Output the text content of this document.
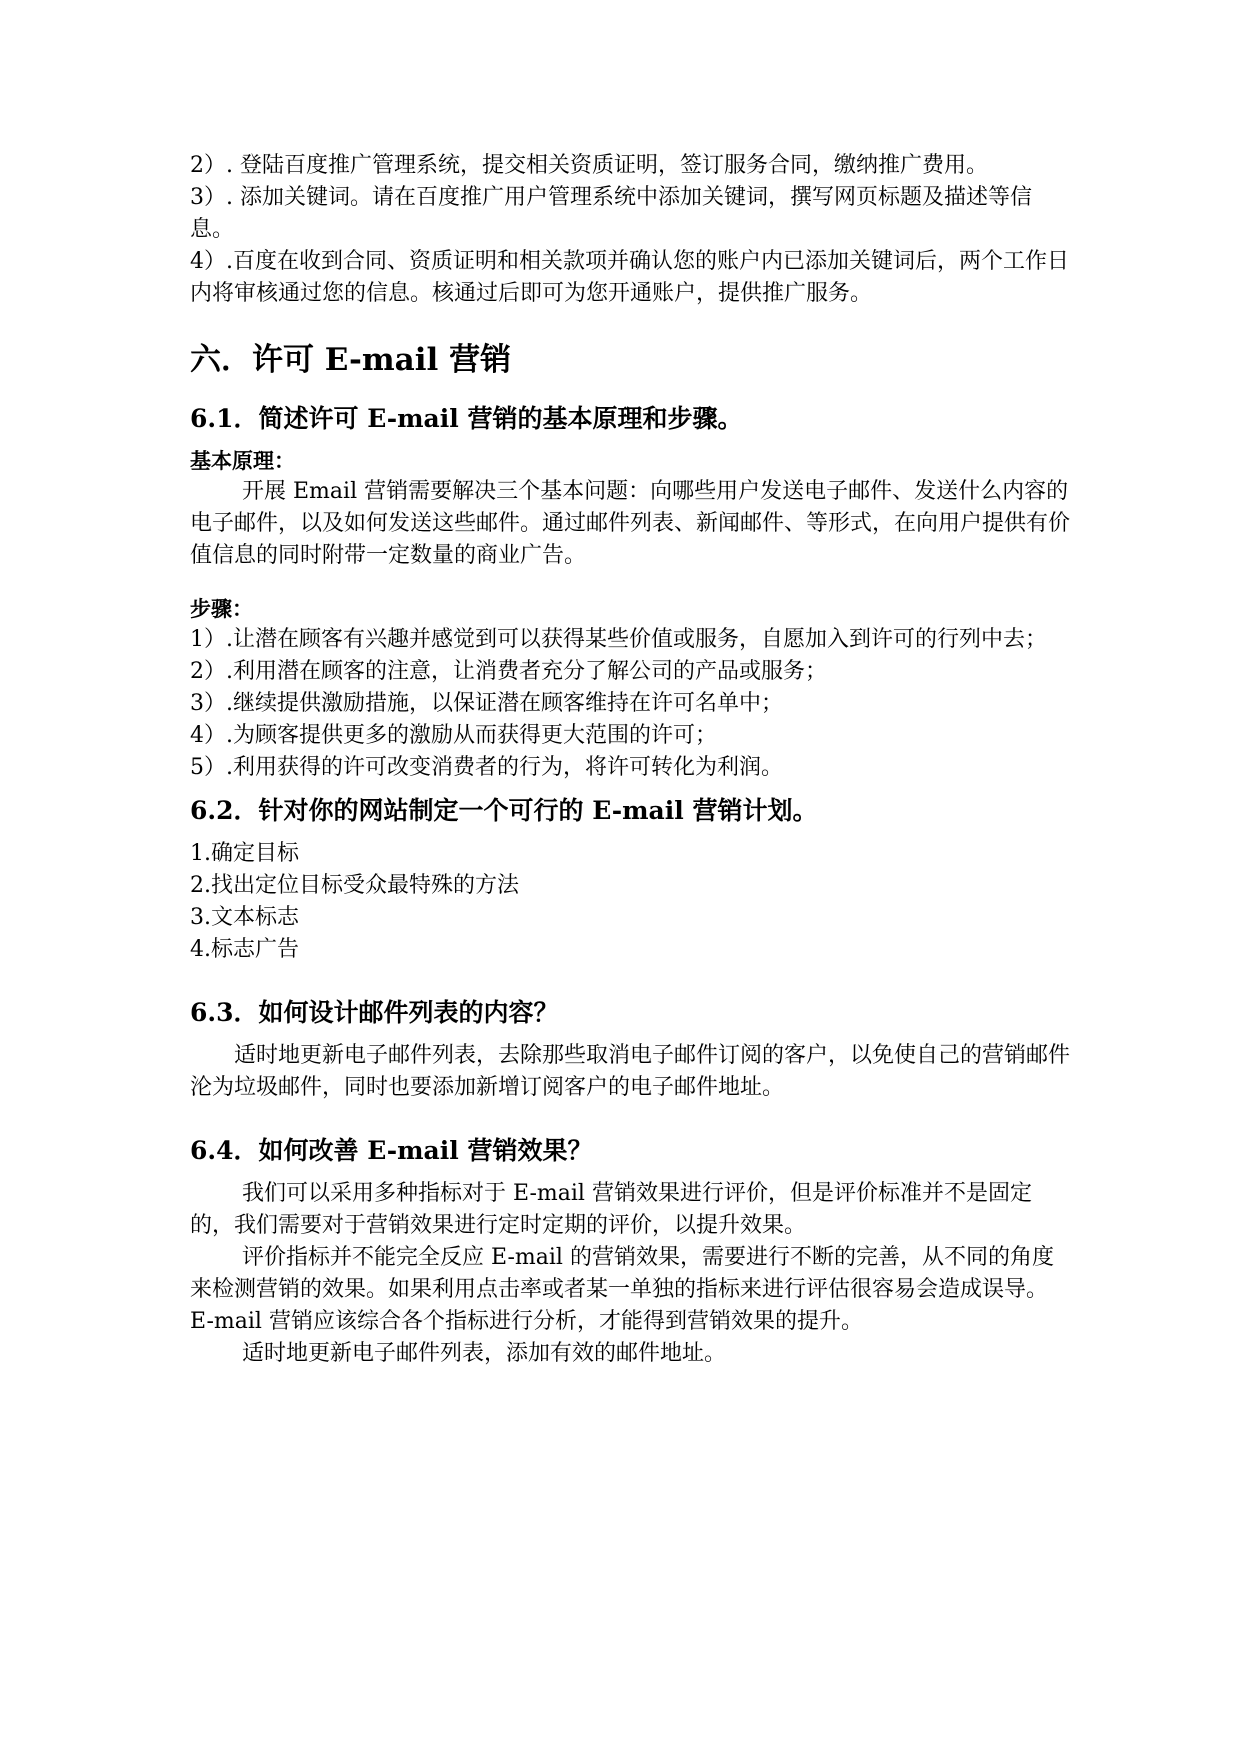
2）. 登陆百度推广管理系统，提交相关资质证明，签订服务合同，缴纳推广费用。

3）. 添加关键词。请在百度推广用户管理系统中添加关键词，撰写网页标题及描述等信息。

4）.百度在收到合同、资质证明和相关款项并确认您的账户内已添加关键词后，两个工作日内将审核通过您的信息。核通过后即可为您开通账户，提供推广服务。

六．许可 E-mail 营销
6.1．简述许可 E-mail 营销的基本原理和步骤。
基本原理：

开展 Email 营销需要解决三个基本问题：向哪些用户发送电子邮件、发送什么内容的电子邮件，以及如何发送这些邮件。通过邮件列表、新闻邮件、等形式，在向用户提供有价值信息的同时附带一定数量的商业广告。

步骤：

1）.让潜在顾客有兴趣并感觉到可以获得某些价值或服务，自愿加入到许可的行列中去；

2）.利用潜在顾客的注意，让消费者充分了解公司的产品或服务；

3）.继续提供激励措施，以保证潜在顾客维持在许可名单中；

4）.为顾客提供更多的激励从而获得更大范围的许可；

5）.利用获得的许可改变消费者的行为，将许可转化为利润。

6.2．针对你的网站制定一个可行的 E-mail 营销计划。

1.确定目标

2.找出定位目标受众最特殊的方法

3.文本标志

4.标志广告

6.3．如何设计邮件列表的内容？

适时地更新电子邮件列表，去除那些取消电子邮件订阅的客户，以免使自己的营销邮件沦为垃圾邮件，同时也要添加新增订阅客户的电子邮件地址。

6.4．如何改善 E-mail 营销效果？

我们可以采用多种指标对于 E-mail 营销效果进行评价，但是评价标准并不是固定的，我们需要对于营销效果进行定时定期的评价，以提升效果。

评价指标并不能完全反应 E-mail 的营销效果，需要进行不断的完善，从不同的角度来检测营销的效果。如果利用点击率或者某一单独的指标来进行评估很容易会造成误导。E-mail 营销应该综合各个指标进行分析，才能得到营销效果的提升。

适时地更新电子邮件列表，添加有效的邮件地址。
